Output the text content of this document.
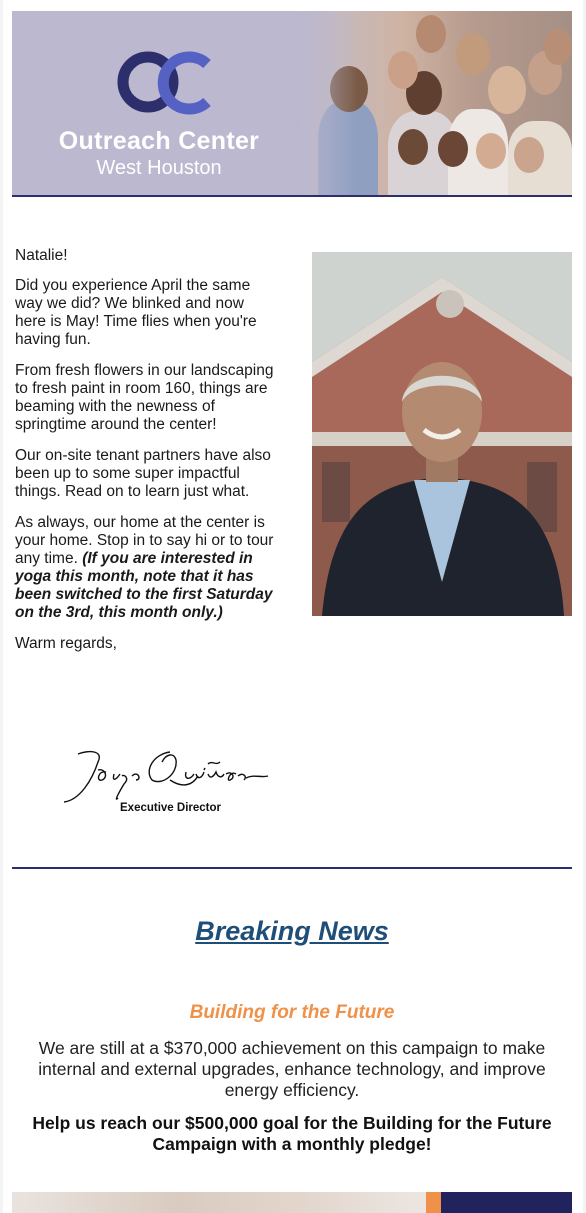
Outreach Center
West Houston

Natalie!

Did you experience April the same way we did? We blinked and now here is May! Time flies when you're having fun.

From fresh flowers in our landscaping to fresh paint in room 160, things are beaming with the newness of springtime around the center!

Our on-site tenant partners have also been up to some super impactful things. Read on to learn just what.

As always, our home at the center is your home. Stop in to say hi or to tour any time. (If you are interested in yoga this month, note that it has been switched to the first Saturday on the 3rd, this month only.)

Warm regards,

Executive Director
Breaking News
Building for the Future
We are still at a $370,000 achievement on this campaign to make internal and external upgrades, enhance technology, and improve energy efficiency.
Help us reach our $500,000 goal for the Building for the Future Campaign with a monthly pledge!
